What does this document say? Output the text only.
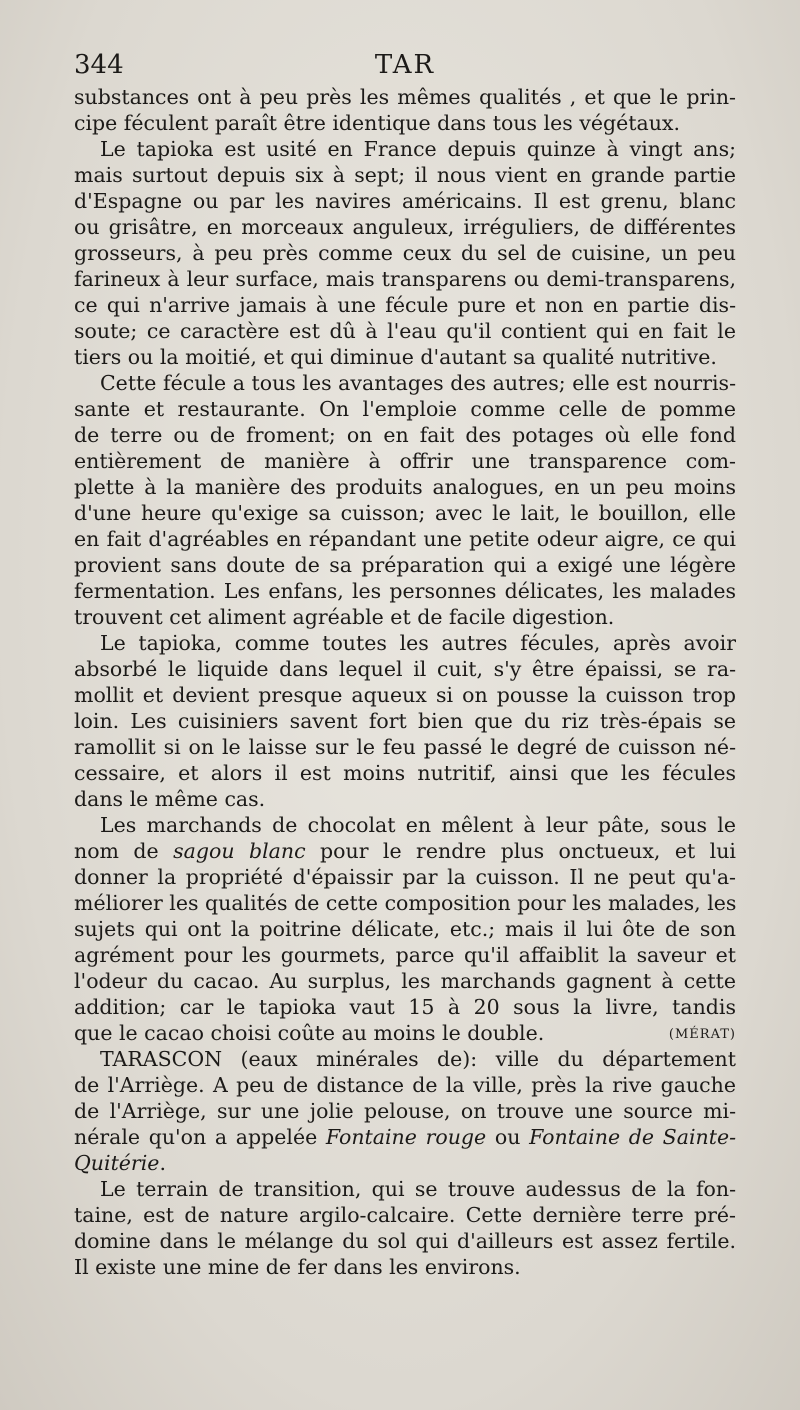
344	TAR
substances ont à peu près les mêmes qualités , et que le prin-
cipe féculent paraît être identique dans tous les végétaux.
Le tapioka est usité en France depuis quinze à vingt ans;
mais surtout depuis six à sept; il nous vient en grande partie
d'Espagne ou par les navires américains. Il est grenu, blanc
ou grisâtre, en morceaux anguleux, irréguliers, de différentes
grosseurs, à peu près comme ceux du sel de cuisine, un peu
farineux à leur surface, mais transparens ou demi-transparens,
ce qui n'arrive jamais à une fécule pure et non en partie dis-
soute; ce caractère est dû à l'eau qu'il contient qui en fait le
tiers ou la moitié, et qui diminue d'autant sa qualité nutritive.
Cette fécule a tous les avantages des autres; elle est nourris-
sante et restaurante. On l'emploie comme celle de pomme
de terre ou de froment; on en fait des potages où elle fond
entièrement de manière à offrir une transparence com-
plette à la manière des produits analogues, en un peu moins
d'une heure qu'exige sa cuisson; avec le lait, le bouillon, elle
en fait d'agréables en répandant une petite odeur aigre, ce qui
provient sans doute de sa préparation qui a exigé une légère
fermentation. Les enfans, les personnes délicates, les malades
trouvent cet aliment agréable et de facile digestion.
Le tapioka, comme toutes les autres fécules, après avoir
absorbé le liquide dans lequel il cuit, s'y être épaissi, se ra-
mollit et devient presque aqueux si on pousse la cuisson trop
loin. Les cuisiniers savent fort bien que du riz très-épais se
ramollit si on le laisse sur le feu passé le degré de cuisson né-
cessaire, et alors il est moins nutritif, ainsi que les fécules
dans le même cas.
Les marchands de chocolat en mêlent à leur pâte, sous le
nom de sagou blanc pour le rendre plus onctueux, et lui
donner la propriété d'épaissir par la cuisson. Il ne peut qu'a-
méliorer les qualités de cette composition pour les malades, les
sujets qui ont la poitrine délicate, etc.; mais il lui ôte de son
agrément pour les gourmets, parce qu'il affaiblit la saveur et
l'odeur du cacao. Au surplus, les marchands gagnent à cette
addition; car le tapioka vaut 15 à 20 sous la livre, tandis
que le cacao choisi coûte au moins le double.	(MÉRAT)
TARASCON (eaux minérales de): ville du département
de l'Arriège. A peu de distance de la ville, près la rive gauche
de l'Arriège, sur une jolie pelouse, on trouve une source mi-
nérale qu'on a appelée Fontaine rouge ou Fontaine de Sainte-
Quitérie.
Le terrain de transition, qui se trouve audessus de la fon-
taine, est de nature argilo-calcaire. Cette dernière terre pré-
domine dans le mélange du sol qui d'ailleurs est assez fertile.
Il existe une mine de fer dans les environs.
